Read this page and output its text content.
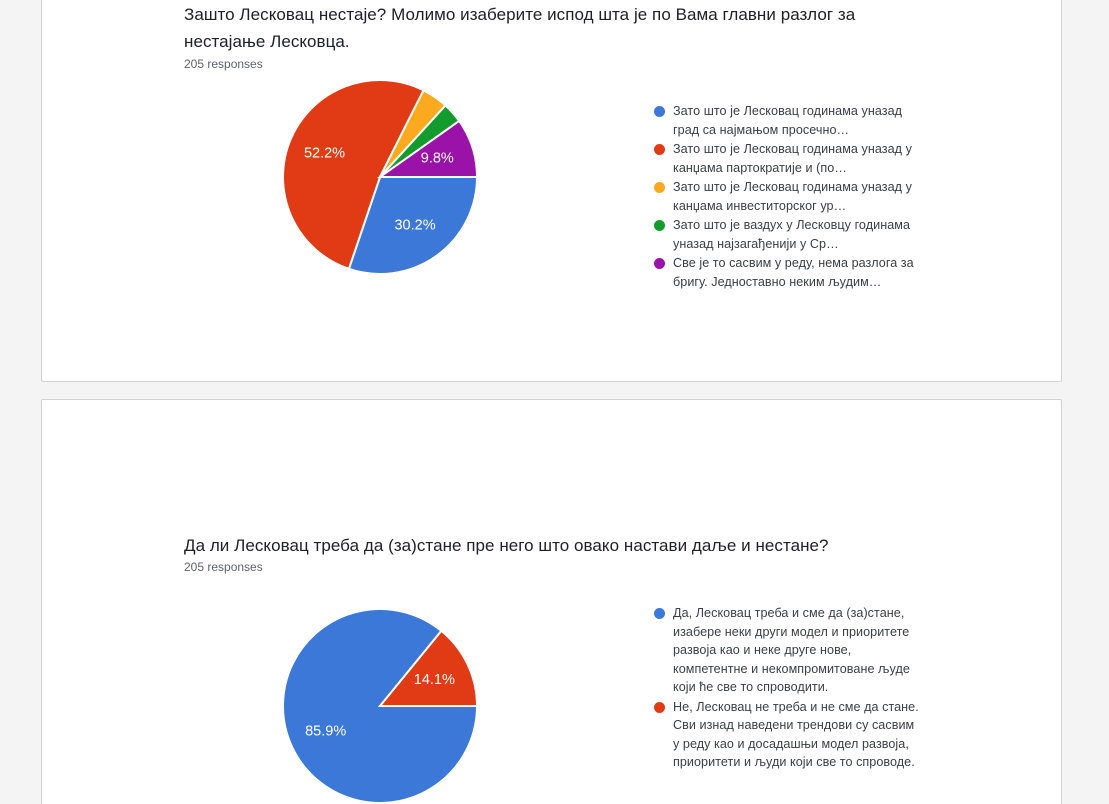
Зашто Лесковац нестаје? Молимо изаберите испод шта је по Вама главни разлог за нестајање Лесковца.
205 responses
30.2%
52.2%	9.8%
Зато што је Лесковац годинама уназад град са најмањом просечно…
Зато што је Лесковац годинама уназад у канџама партократије и (по…
Зато што је Лесковац годинама уназад у канџама инвеститорског ур…
Зато што је ваздух у Лесковцу годинама уназад најзагађенији у Ср…
Све је то сасвим у реду, нема разлога за бригу. Једноставно неким људим…
Да ли Лесковац треба да (за)стане пре него што овако настави даље и нестане?
205 responses
85.9%
14.1%
Да, Лесковац треба и сме да (за)стане, изабере неки други модел и приоритете развоја као и неке друге нове, компетентне и некомпромитоване људе који ће све то спроводити.
Не, Лесковац не треба и не сме да стане. Сви изнад наведени трендови су сасвим у реду као и досадашњи модел развоја, приоритети и људи који све то спроводе.
